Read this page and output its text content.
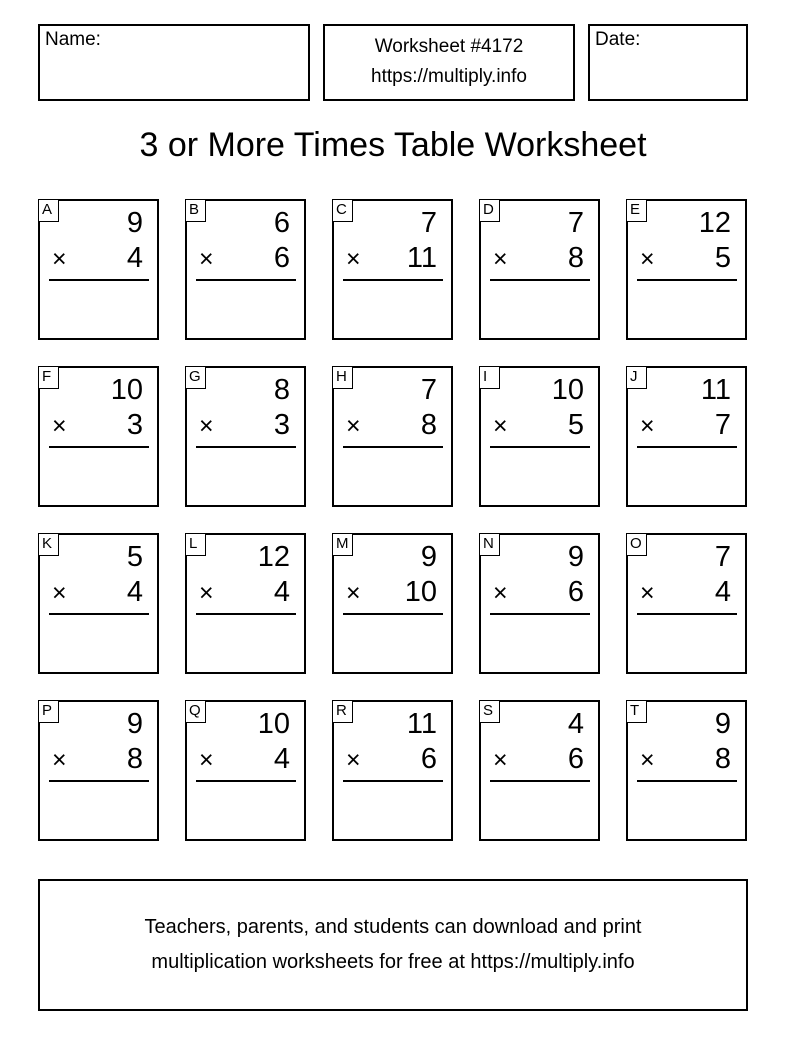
Name:	Worksheet #4172
https://multiply.info
Date:
3 or More Times Table Worksheet
A	9
× 4
B	6
× 6
C	7
× 11
D	7
× 8
E 12
× 5
F 10
× 3
G	8
× 3
H	7
× 8
I	10
× 5
J	11
× 7
K	5
× 4
L 12
× 4
M 9
× 10
N	9
× 6
O	7
× 4
P	9
× 8
Q 10
× 4
R 11
× 6
S	4
× 6
T	9
× 8
Teachers, parents, and students can download and print
multiplication worksheets for free at https://multiply.info
